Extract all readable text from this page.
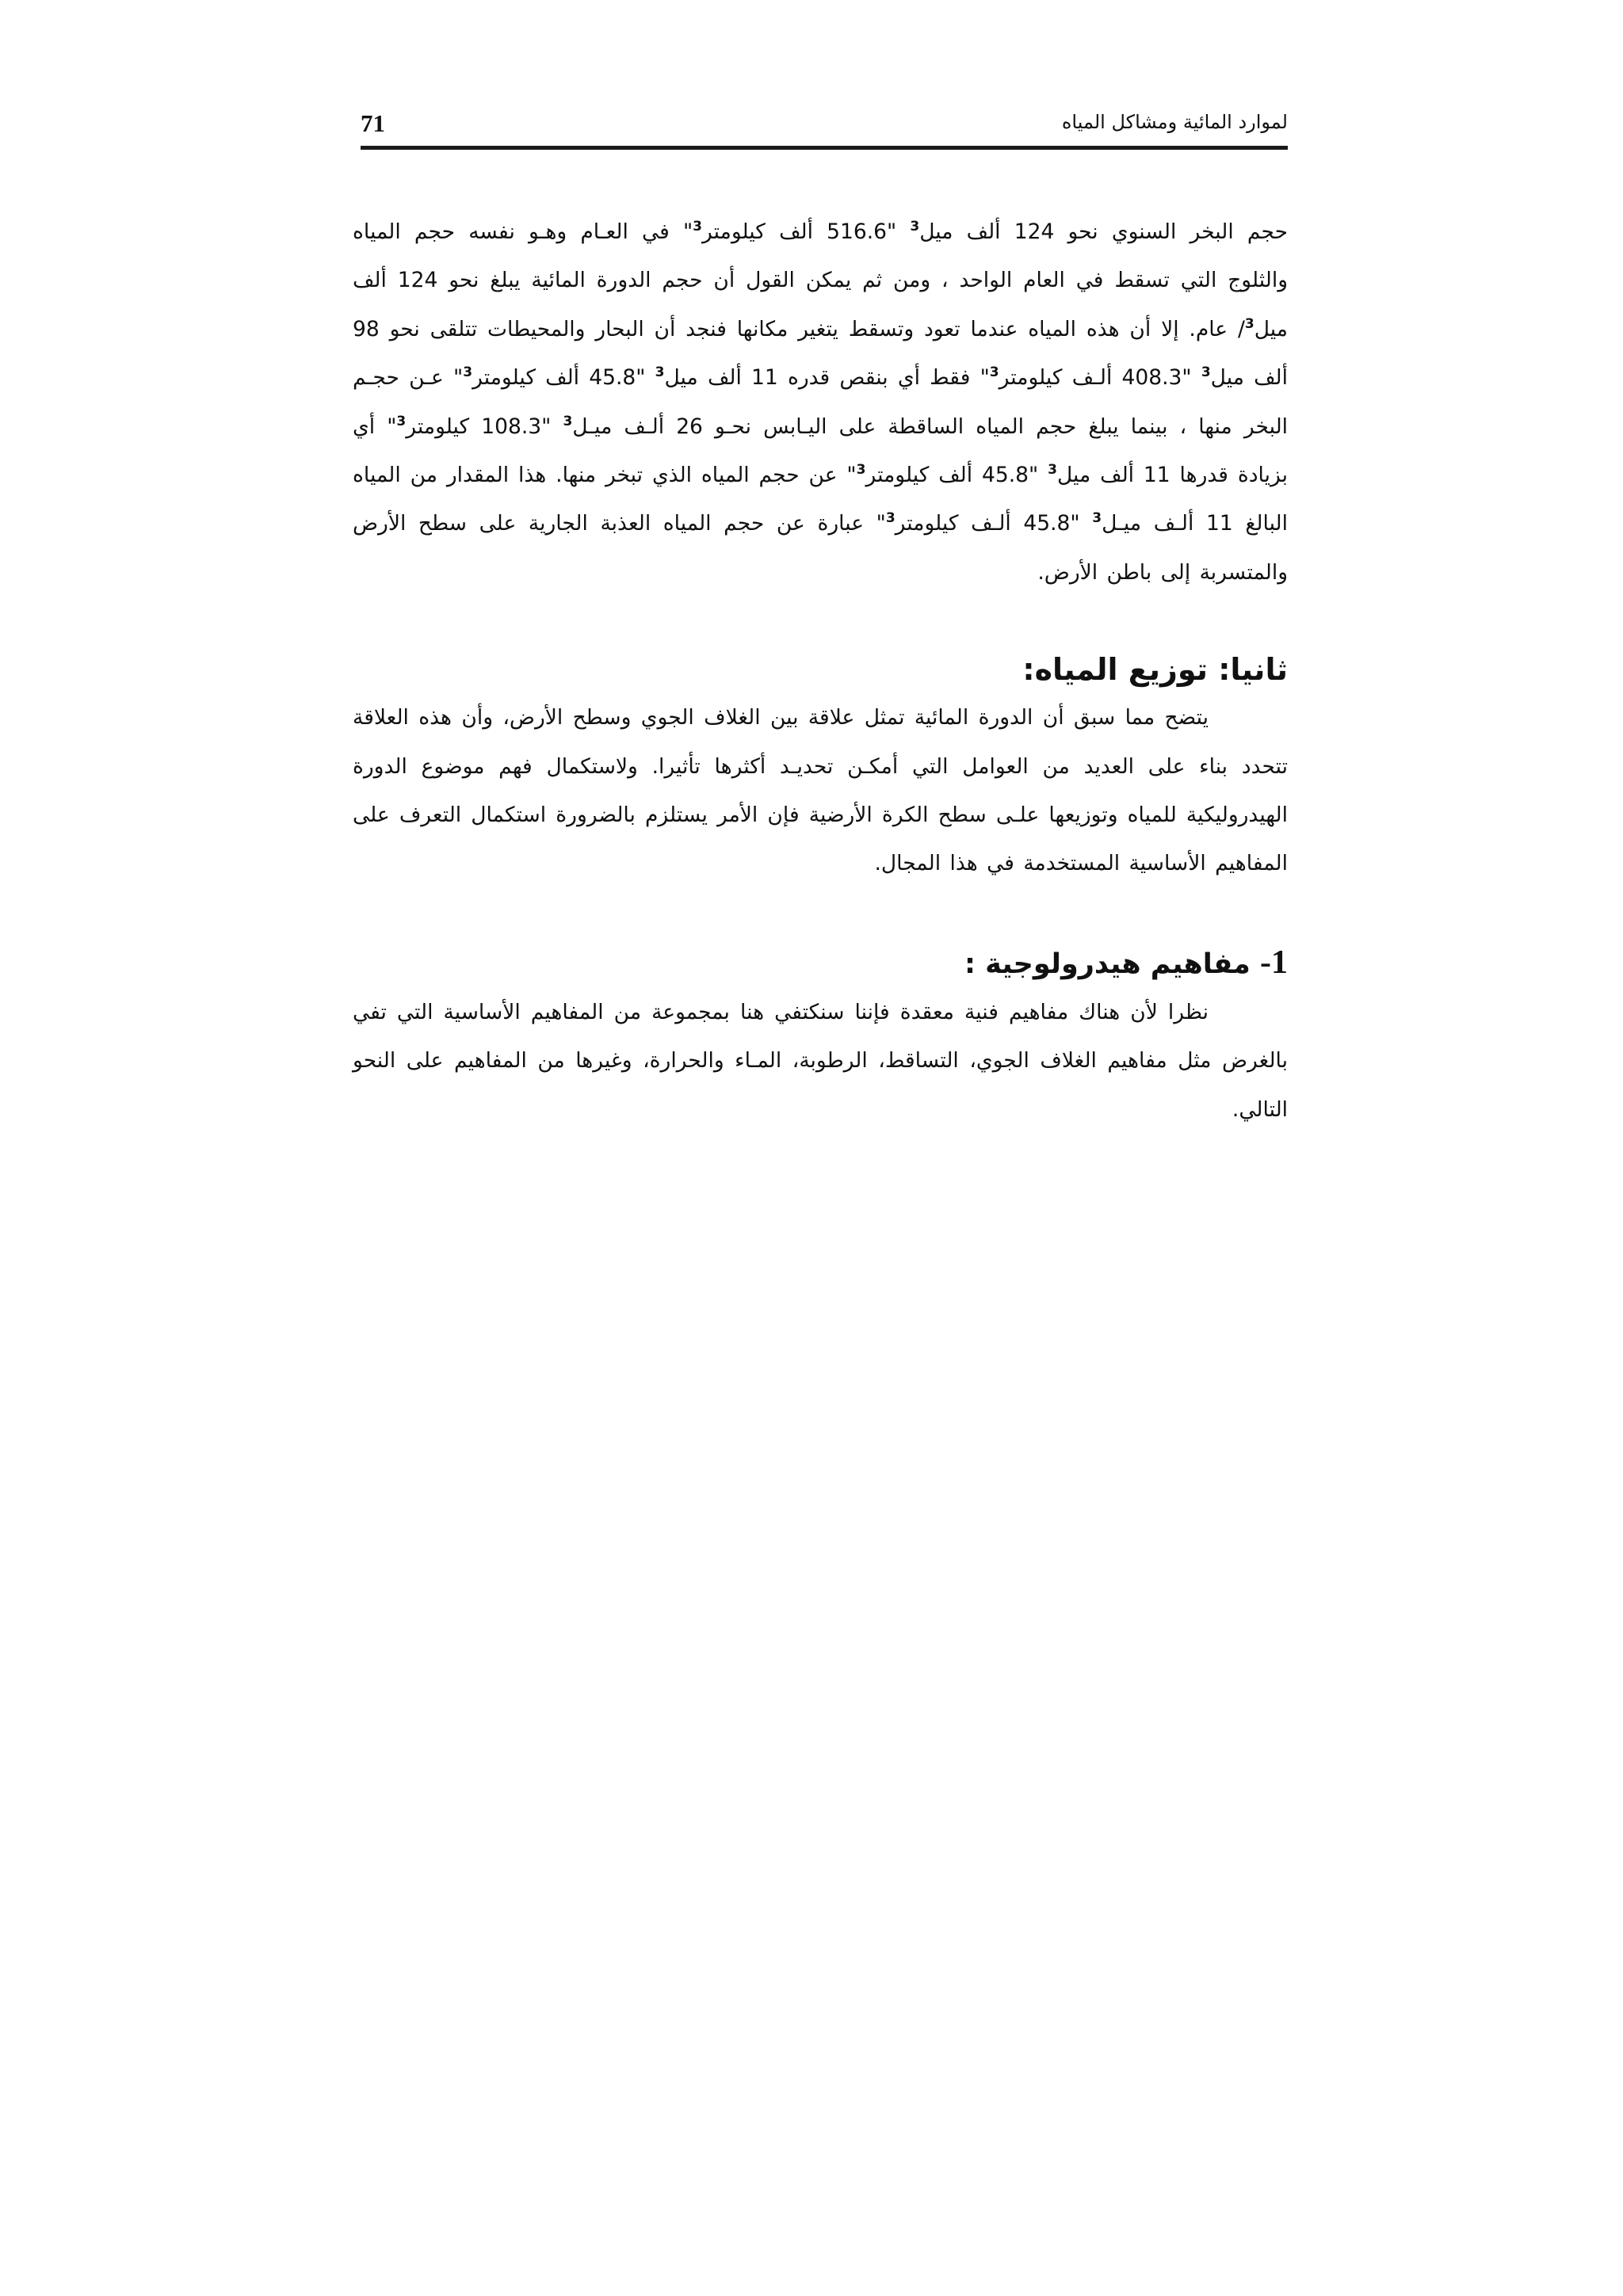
71	لموارد المائية ومشاكل المياه

حجم البخر السنوي نحو 124 ألف ميل$^3$ "516.6 ألف كيلومتر$^3$" في العـام وهـو نفسه حجم المياه والثلوج التي تسقط في العام الواحد ، ومن ثم يمكن القول أن حجم الدورة المائية يبلغ نحو 124 ألف ميل$^3$/ عام. إلا أن هذه المياه عندما تعود وتسقط يتغير مكانها فنجد أن البحار والمحيطات تتلقى نحو 98 ألف ميل$^3$ "408.3 ألـف كيلومتر$^3$" فقط أي بنقص قدره 11 ألف ميل$^3$ "45.8 ألف كيلومتر$^3$" عـن حجـم البخر منها ، بينما يبلغ حجم المياه الساقطة على اليـابس نحـو 26 ألـف ميـل$^3$ "108.3 كيلومتر$^3$" أي بزيادة قدرها 11 ألف ميل$^3$ "45.8 ألف كيلومتر$^3$" عن حجم المياه الذي تبخر منها. هذا المقدار من المياه البالغ 11 ألـف ميـل$^3$ "45.8 ألـف كيلومتر$^3$" عبارة عن حجم المياه العذبة الجارية على سطح الأرض والمتسربة إلى باطن الأرض.

ثانيا: توزيع المياه:

يتضح مما سبق أن الدورة المائية تمثل علاقة بين الغلاف الجوي وسطح الأرض، وأن هذه العلاقة تتحدد بناء على العديد من العوامل التي أمكـن تحديـد أكثرها تأثيرا. ولاستكمال فهم موضوع الدورة الهيدروليكية للمياه وتوزيعها علـى سطح الكرة الأرضية فإن الأمر يستلزم بالضرورة استكمال التعرف على المفاهيم الأساسية المستخدمة في هذا المجال.

1- مفاهيم هيدرولوجية :

نظرا لأن هناك مفاهيم فنية معقدة فإننا سنكتفي هنا بمجموعة من المفاهيم الأساسية التي تفي بالغرض مثل مفاهيم الغلاف الجوي، التساقط، الرطوبة، المـاء والحرارة، وغيرها من المفاهيم على النحو التالي.
